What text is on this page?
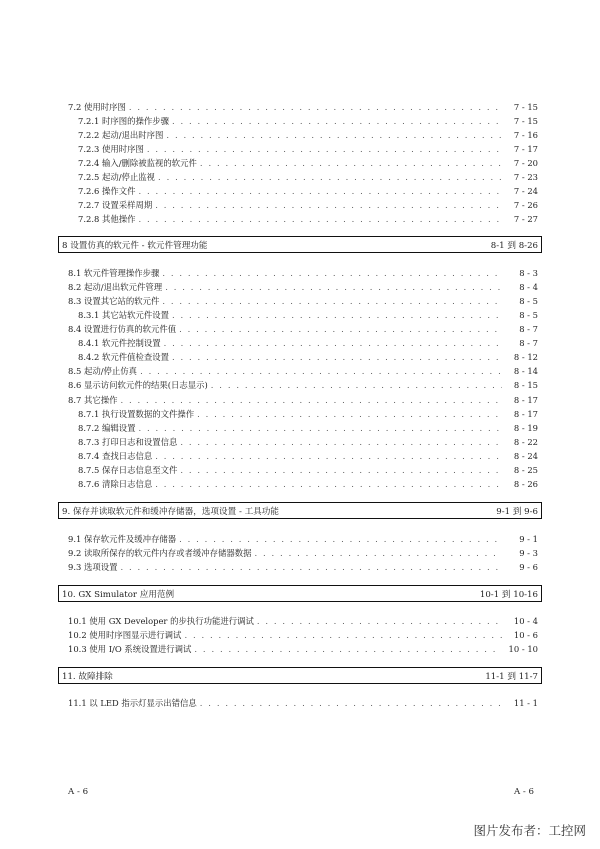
7.2 使用时序图 . . .	7 - 15
7.2.1 时序图的操作步骤 . . .	7 - 15
7.2.2 起动/退出时序图 . . .	7 - 16
7.2.3 使用时序图 . . .	7 - 17
7.2.4 输入/删除被监视的软元件 . . .	7 - 20
7.2.5 起动/停止监视 . . .	7 - 23
7.2.6 操作文件 . . .	7 - 24
7.2.7 设置采样周期 . . .	7 - 26
7.2.8 其他操作 . . .	7 - 27
8 设置仿真的软元件 - 软元件管理功能	8-1 到 8-26
8.1 软元件管理操作步骤 . . .	8 - 3
8.2 起动/退出软元件管理 . . .	8 - 4
8.3 设置其它站的软元件 . . .	8 - 5
8.3.1 其它站软元件设置 . . .	8 - 5
8.4 设置进行仿真的软元件值 . . .	8 - 7
8.4.1 软元件控制设置 . . .	8 - 7
8.4.2 软元件值检查设置 . . .	8 - 12
8.5 起动/停止仿真 . . .	8 - 14
8.6 显示访问软元件的结果(日志显示) . . .	8 - 15
8.7 其它操作 . . .	8 - 17
8.7.1 执行设置数据的文件操作 . . .	8 - 17
8.7.2 编辑设置 . . .	8 - 19
8.7.3 打印日志和设置信息 . . .	8 - 22
8.7.4 查找日志信息 . . .	8 - 24
8.7.5 保存日志信息至文件 . . .	8 - 25
8.7.6 清除日志信息 . . .	8 - 26
9. 保存并读取软元件和缓冲存储器，选项设置 - 工具功能	9-1 到 9-6
9.1 保存软元件及缓冲存储器 . . .	9 - 1
9.2 读取所保存的软元件内存或者缓冲存储器数据 . . .	9 - 3
9.3 选项设置 . . .	9 - 6
10. GX Simulator 应用范例	10-1 到 10-16
10.1 使用 GX Developer 的步执行功能进行调试 . . .	10 - 4
10.2 使用时序图显示进行调试 . . .	10 - 6
10.3 使用 I/O 系统设置进行调试 . . .	10 - 10
11. 故障排除	11-1 到 11-7
11.1 以 LED 指示灯显示出错信息 . . .	11 - 1
A - 6	A - 6
图片发布者：工控网
